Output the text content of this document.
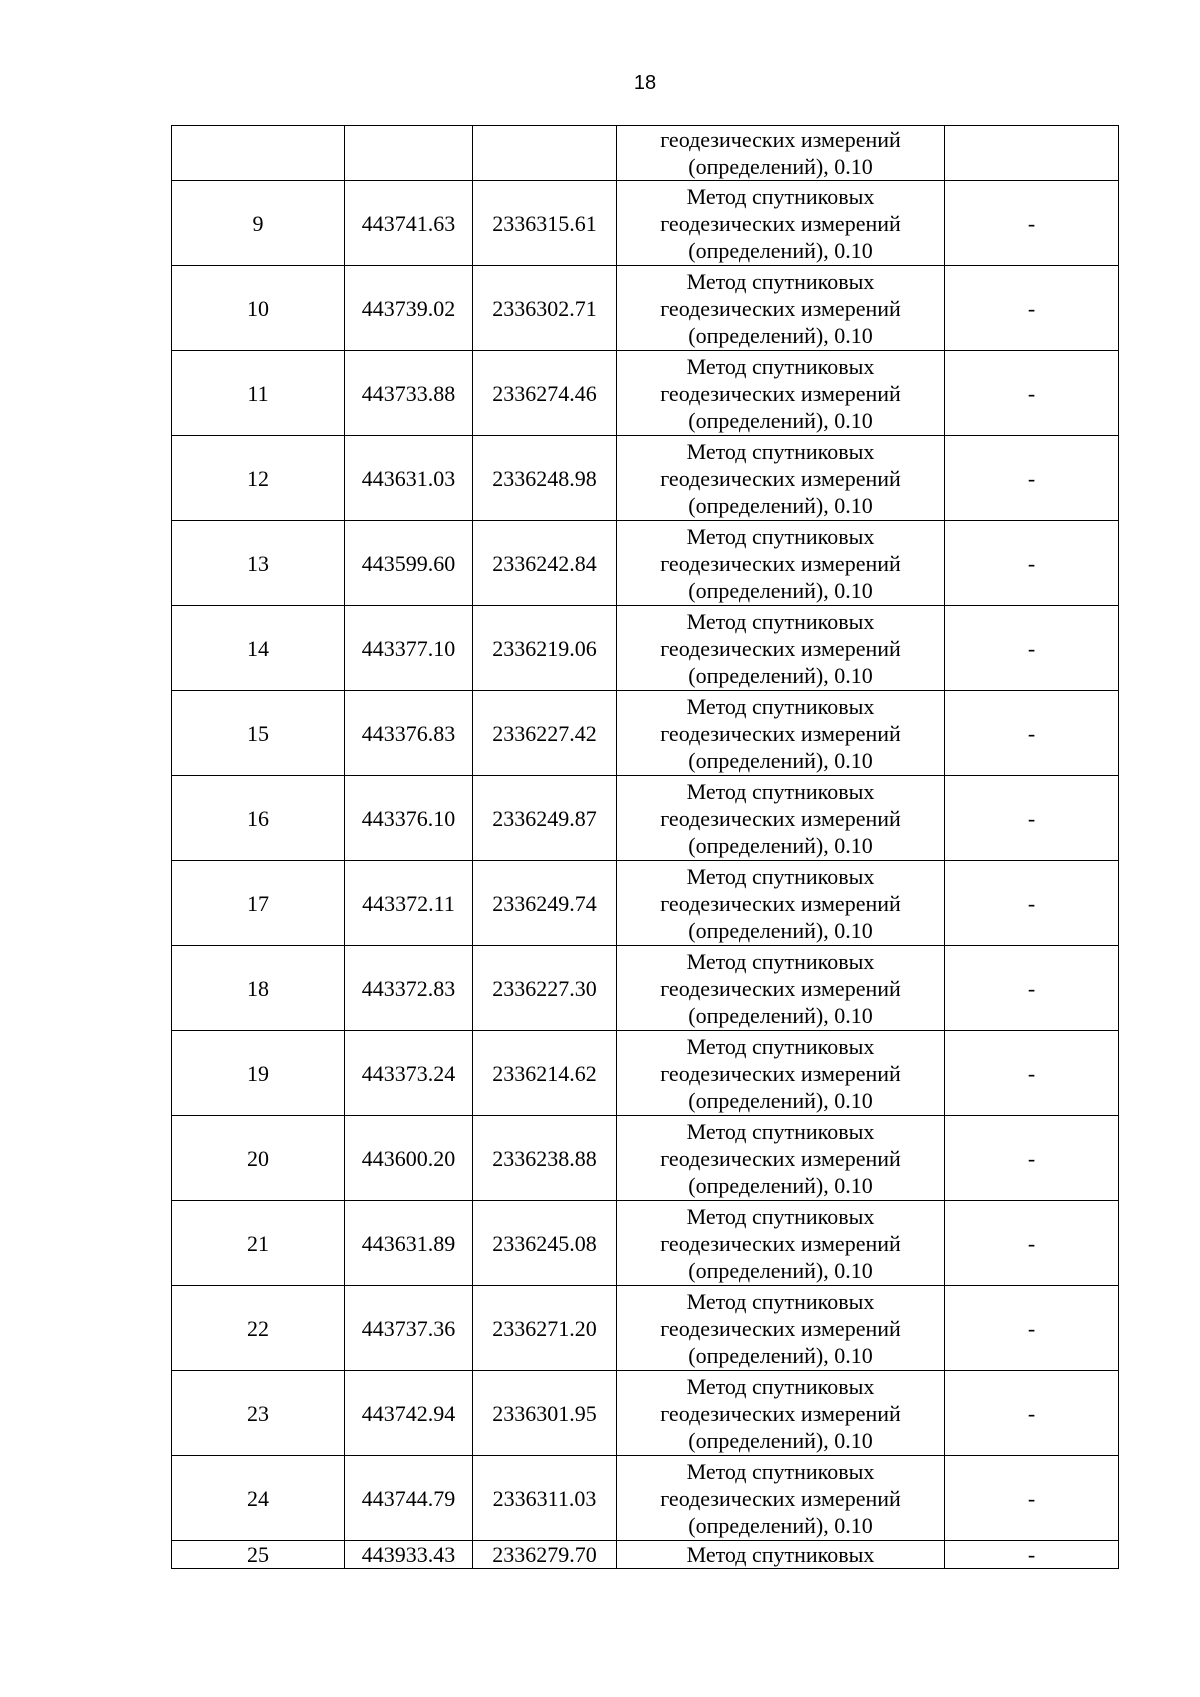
18

			геодезических измерений
(определений), 0.10	

9	443741.63	2336315.61	Метод спутниковых
геодезических измерений
(определений), 0.10	-
10	443739.02	2336302.71	Метод спутниковых
геодезических измерений
(определений), 0.10	-
11	443733.88	2336274.46	Метод спутниковых
геодезических измерений
(определений), 0.10	-
12	443631.03	2336248.98	Метод спутниковых
геодезических измерений
(определений), 0.10	-
13	443599.60	2336242.84	Метод спутниковых
геодезических измерений
(определений), 0.10	-
14	443377.10	2336219.06	Метод спутниковых
геодезических измерений
(определений), 0.10	-
15	443376.83	2336227.42	Метод спутниковых
геодезических измерений
(определений), 0.10	-
16	443376.10	2336249.87	Метод спутниковых
геодезических измерений
(определений), 0.10	-
17	443372.11	2336249.74	Метод спутниковых
геодезических измерений
(определений), 0.10	-
18	443372.83	2336227.30	Метод спутниковых
геодезических измерений
(определений), 0.10	-
19	443373.24	2336214.62	Метод спутниковых
геодезических измерений
(определений), 0.10	-
20	443600.20	2336238.88	Метод спутниковых
геодезических измерений
(определений), 0.10	-
21	443631.89	2336245.08	Метод спутниковых
геодезических измерений
(определений), 0.10	-
22	443737.36	2336271.20	Метод спутниковых
геодезических измерений
(определений), 0.10	-
23	443742.94	2336301.95	Метод спутниковых
геодезических измерений
(определений), 0.10	-
24	443744.79	2336311.03	Метод спутниковых
геодезических измерений
(определений), 0.10	-
25	443933.43	2336279.70	Метод спутниковых	-
